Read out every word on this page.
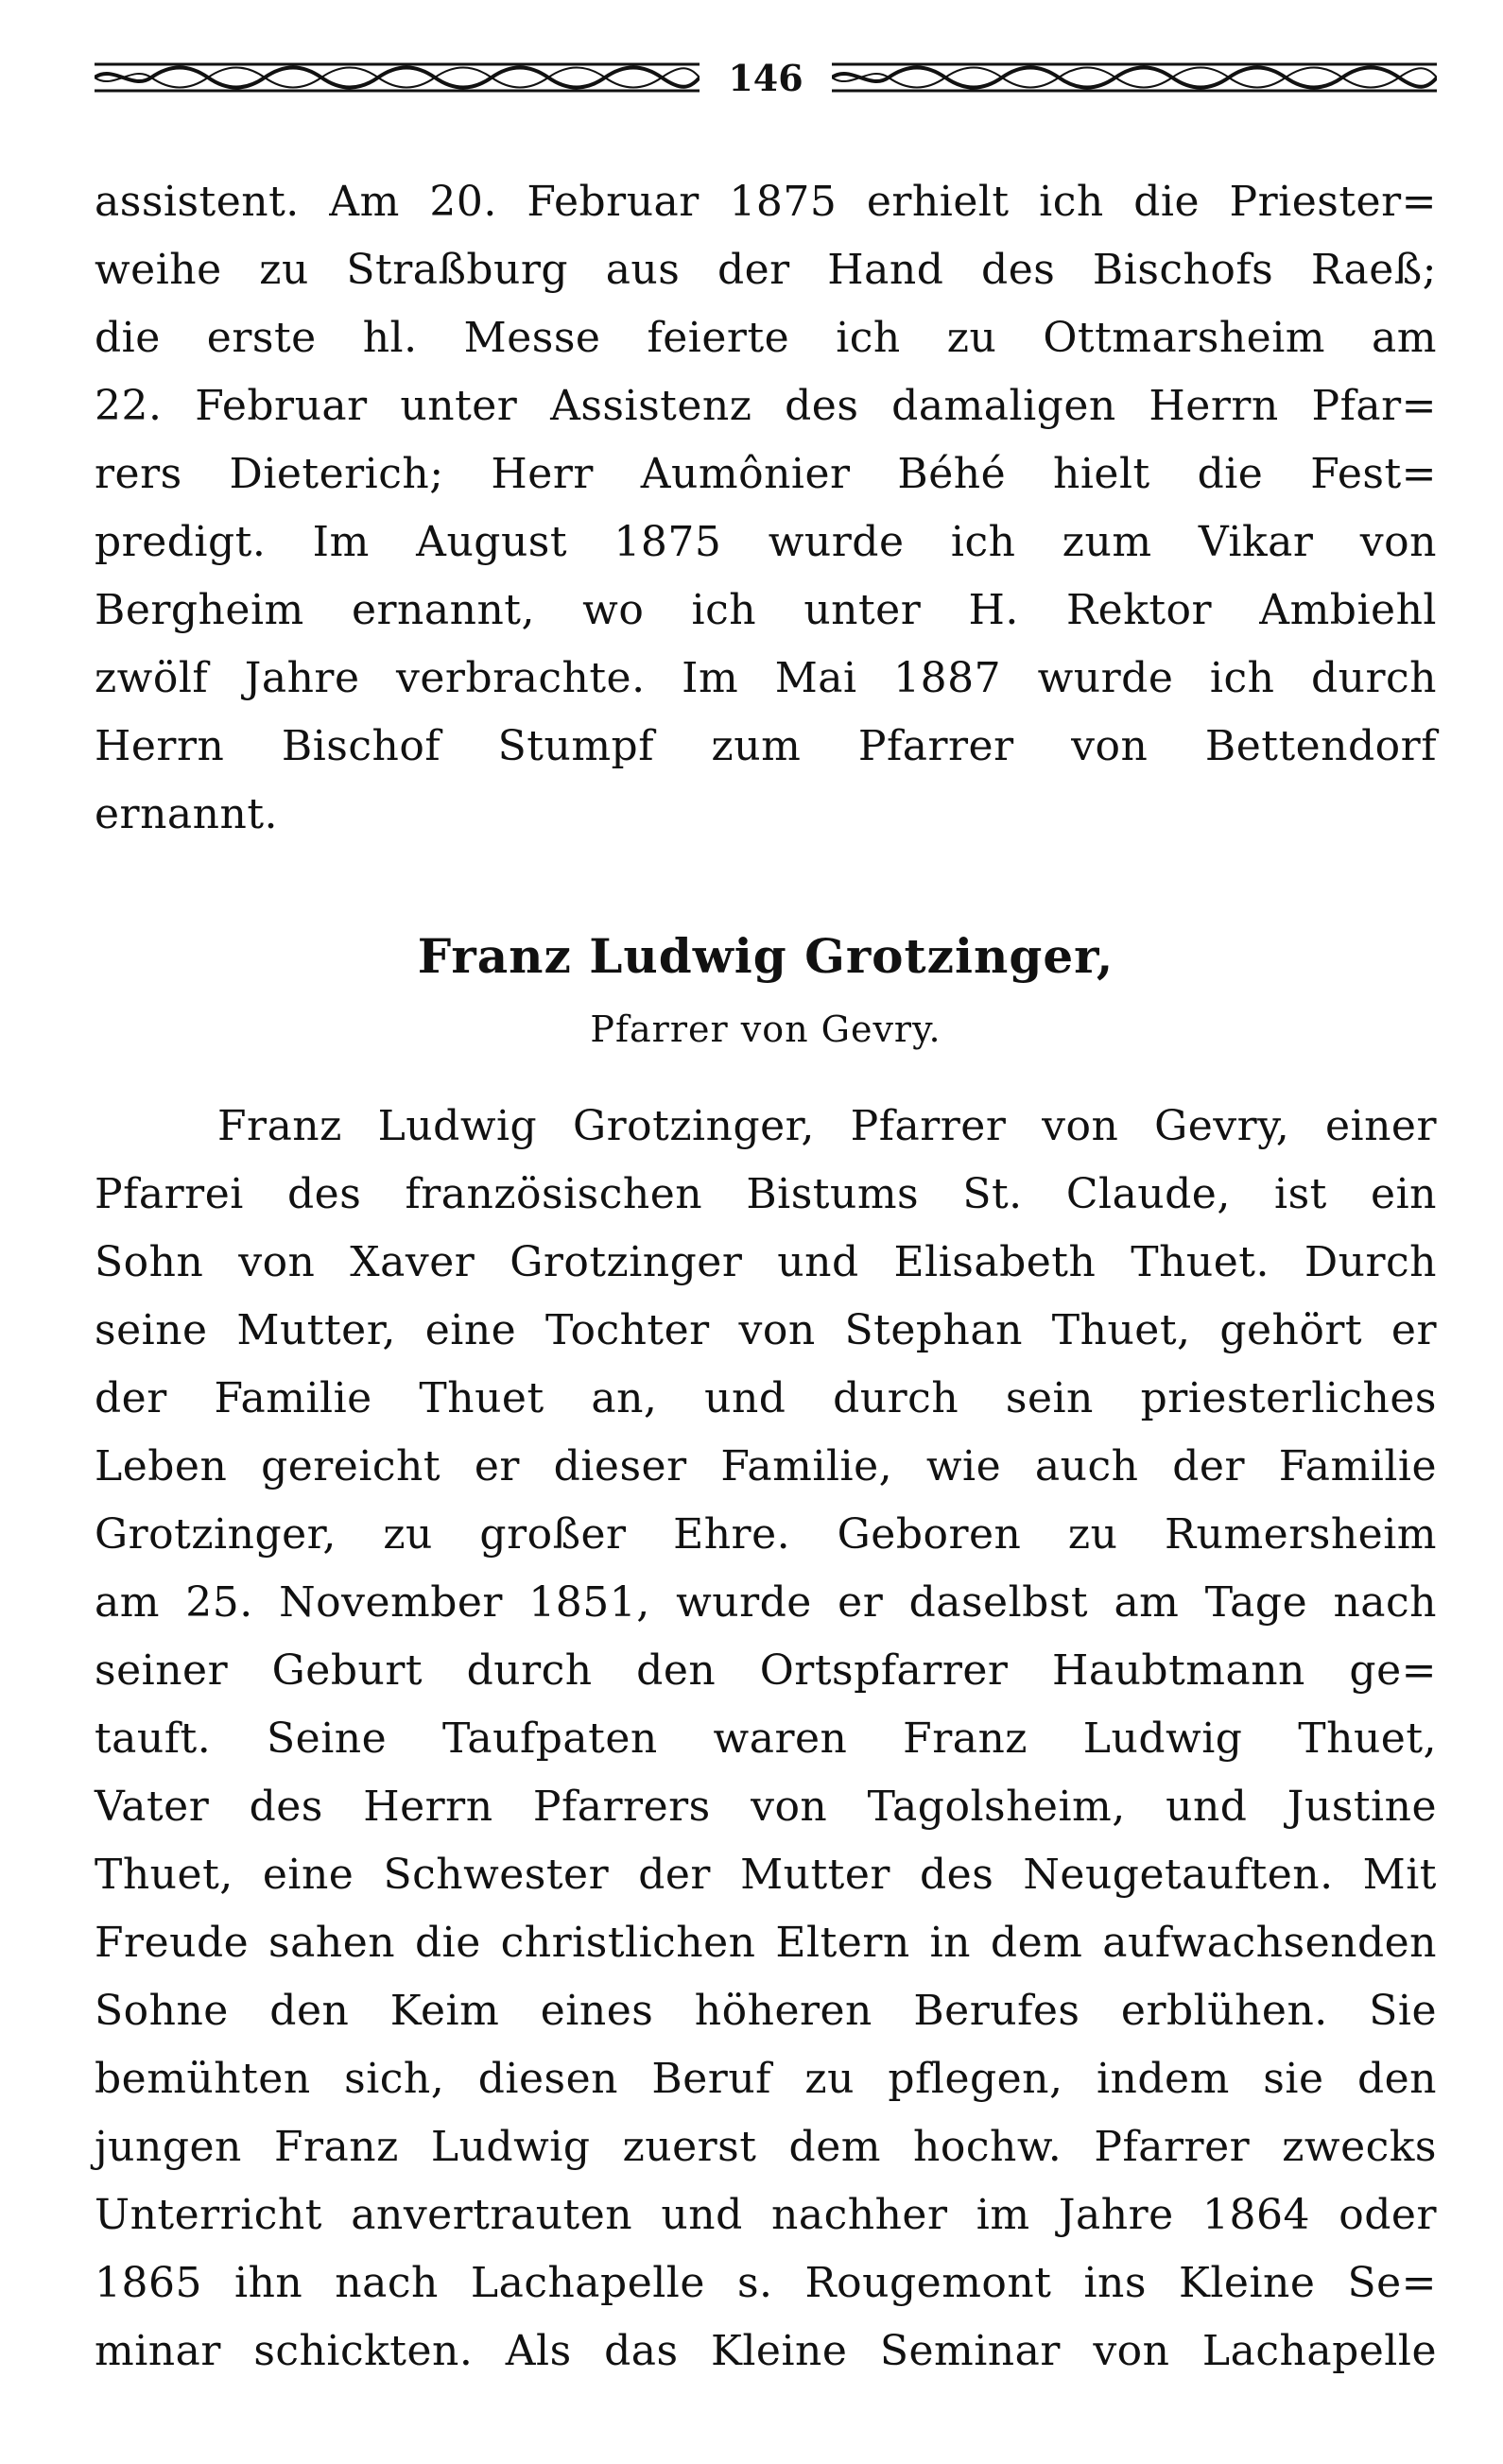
146
assistent. Am 20. Februar 1875 erhielt ich die Priester=
weihe zu Straßburg aus der Hand des Bischofs Raeß;
die erste hl. Messe feierte ich zu Ottmarsheim am
22. Februar unter Assistenz des damaligen Herrn Pfar=
rers Dieterich; Herr Aumônier Béhé hielt die Fest=
predigt. Im August 1875 wurde ich zum Vikar von
Bergheim ernannt, wo ich unter H. Rektor Ambiehl
zwölf Jahre verbrachte. Im Mai 1887 wurde ich durch
Herrn Bischof Stumpf zum Pfarrer von Bettendorf
ernannt.
Franz Ludwig Grotzinger,
Pfarrer von Gevry.
Franz Ludwig Grotzinger, Pfarrer von Gevry, einer
Pfarrei des französischen Bistums St. Claude, ist ein
Sohn von Xaver Grotzinger und Elisabeth Thuet. Durch
seine Mutter, eine Tochter von Stephan Thuet, gehört er
der Familie Thuet an, und durch sein priesterliches
Leben gereicht er dieser Familie, wie auch der Familie
Grotzinger, zu großer Ehre. Geboren zu Rumersheim
am 25. November 1851, wurde er daselbst am Tage nach
seiner Geburt durch den Ortspfarrer Haubtmann ge=
tauft. Seine Taufpaten waren Franz Ludwig Thuet,
Vater des Herrn Pfarrers von Tagolsheim, und Justine
Thuet, eine Schwester der Mutter des Neugetauften. Mit
Freude sahen die christlichen Eltern in dem aufwachsenden
Sohne den Keim eines höheren Berufes erblühen. Sie
bemühten sich, diesen Beruf zu pflegen, indem sie den
jungen Franz Ludwig zuerst dem hochw. Pfarrer zwecks
Unterricht anvertrauten und nachher im Jahre 1864 oder
1865 ihn nach Lachapelle s. Rougemont ins Kleine Se=
minar schickten. Als das Kleine Seminar von Lachapelle
